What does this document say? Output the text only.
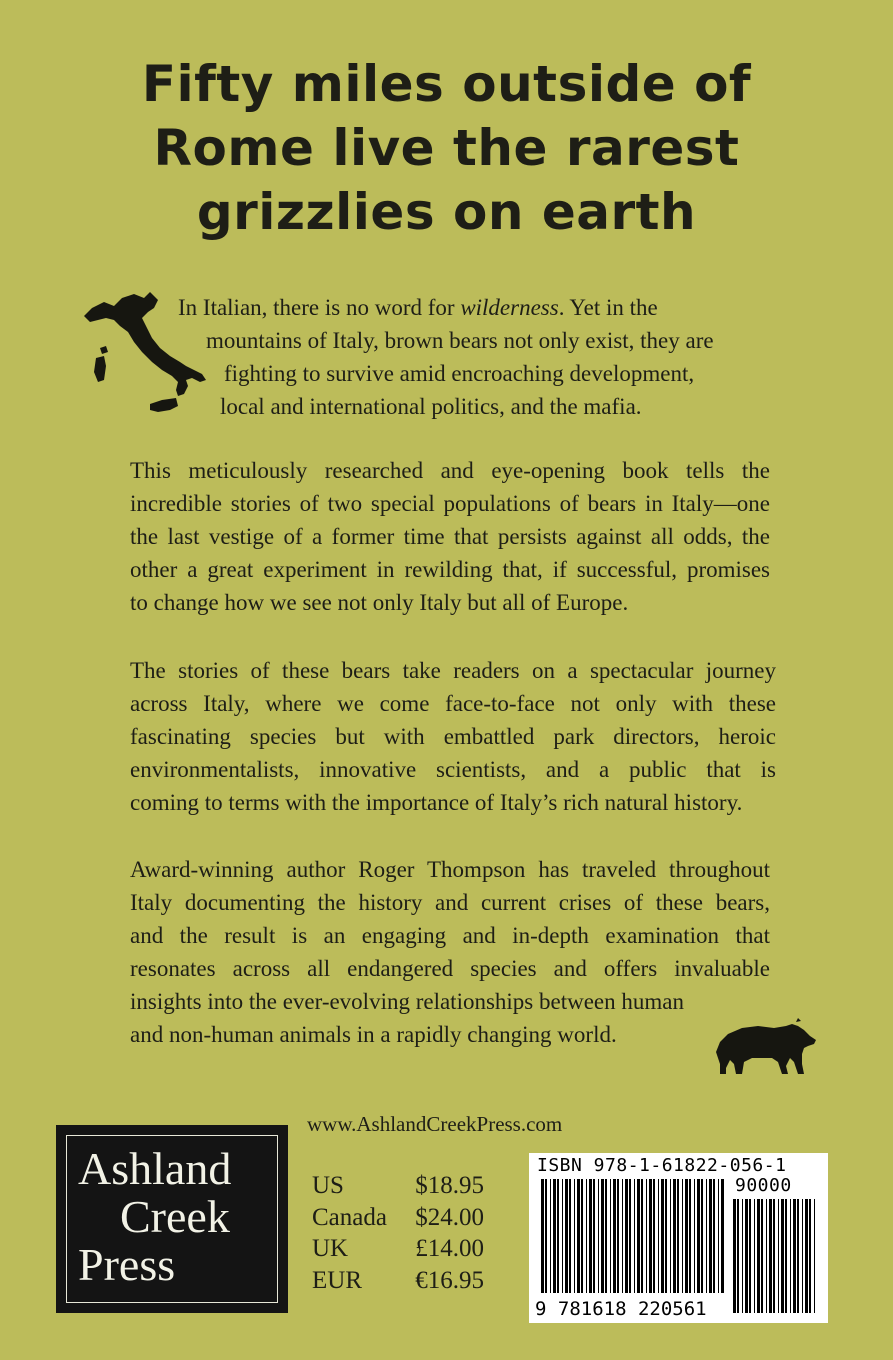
Fifty miles outside of
Rome live the rarest
grizzlies on earth
In Italian, there is no word for wilderness. Yet in the
mountains of Italy, brown bears not only exist, they are
fighting to survive amid encroaching development,
local and international politics, and the mafia.
This meticulously researched and eye-opening book tells the
incredible stories of two special populations of bears in Italy—one
the last vestige of a former time that persists against all odds, the
other a great experiment in rewilding that, if successful, promises
to change how we see not only Italy but all of Europe.
The stories of these bears take readers on a spectacular journey
across Italy, where we come face-to-face not only with these
fascinating species but with embattled park directors, heroic
environmentalists, innovative scientists, and a public that is
coming to terms with the importance of Italy’s rich natural history.
Award-winning author Roger Thompson has traveled throughout
Italy documenting the history and current crises of these bears,
and the result is an engaging and in-depth examination that
resonates across all endangered species and offers invaluable
insights into the ever-evolving relationships between human
and non-human animals in a rapidly changing world.
www.AshlandCreekPress.com
Ashland
Creek
Press
US	$18.95
Canada $24.00
UK	£14.00
EUR €16.95
ISBN 978-1-61822-056-1
90000
9 781618 220561
